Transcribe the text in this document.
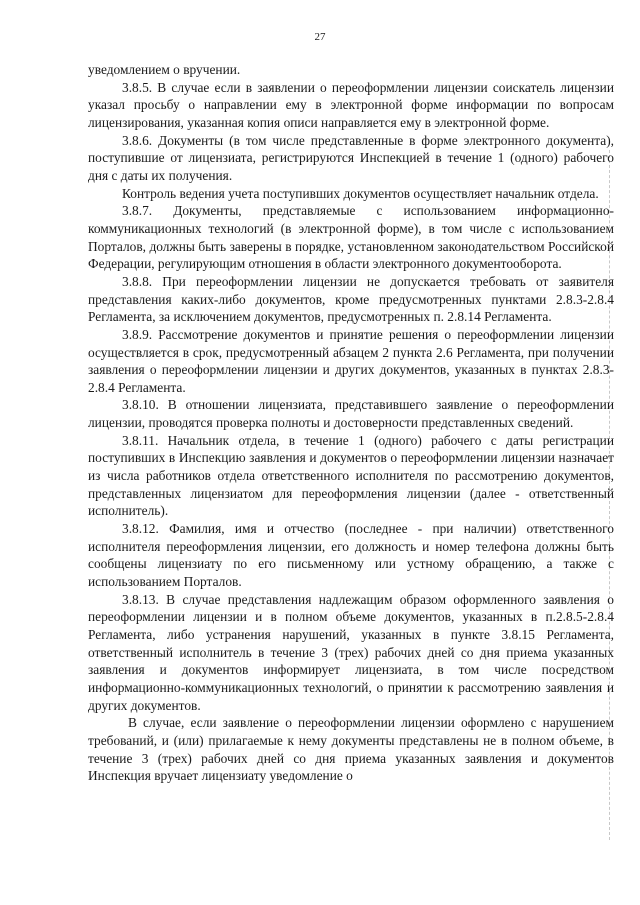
27

уведомлением о вручении.

3.8.5. В случае если в заявлении о переоформлении лицензии соискатель лицензии указал просьбу о направлении ему в электронной форме информации по вопросам лицензирования, указанная копия описи направляется ему в электронной форме.

3.8.6. Документы (в том числе представленные в форме электронного документа), поступившие от лицензиата, регистрируются Инспекцией в течение 1 (одного) рабочего дня с даты их получения.

Контроль ведения учета поступивших документов осуществляет начальник отдела.

3.8.7. Документы, представляемые с использованием информационно-коммуникационных технологий (в электронной форме), в том числе с использованием Порталов, должны быть заверены в порядке, установленном законодательством Российской Федерации, регулирующим отношения в области электронного документооборота.

3.8.8. При переоформлении лицензии не допускается требовать от заявителя представления каких-либо документов, кроме предусмотренных пунктами 2.8.3-2.8.4 Регламента, за исключением документов, предусмотренных п. 2.8.14 Регламента.

3.8.9. Рассмотрение документов и принятие решения о переоформлении лицензии осуществляется в срок, предусмотренный абзацем 2 пункта 2.6 Регламента, при получении заявления о переоформлении лицензии и других документов, указанных в пунктах 2.8.3-2.8.4 Регламента.

3.8.10. В отношении лицензиата, представившего заявление о переоформлении лицензии, проводятся проверка полноты и достоверности представленных сведений.

3.8.11. Начальник отдела, в течение 1 (одного) рабочего с даты регистрации поступивших в Инспекцию заявления и документов о переоформлении лицензии назначает из числа работников отдела ответственного исполнителя по рассмотрению документов, представленных лицензиатом для переоформления лицензии (далее - ответственный исполнитель).

3.8.12. Фамилия, имя и отчество (последнее - при наличии) ответственного исполнителя переоформления лицензии, его должность и номер телефона должны быть сообщены лицензиату по его письменному или устному обращению, а также с использованием Порталов.

3.8.13. В случае представления надлежащим образом оформленного заявления о переоформлении лицензии и в полном объеме документов, указанных в п.2.8.5-2.8.4 Регламента, либо устранения нарушений, указанных в пункте 3.8.15 Регламента, ответственный исполнитель в течение 3 (трех) рабочих дней со дня приема указанных заявления и документов информирует лицензиата, в том числе посредством информационно-коммуникационных технологий, о принятии к рассмотрению заявления и других документов.

В случае, если заявление о переоформлении лицензии оформлено с нарушением требований, и (или) прилагаемые к нему документы представлены не в полном объеме, в течение 3 (трех) рабочих дней со дня приема указанных заявления и документов Инспекция вручает лицензиату уведомление о
